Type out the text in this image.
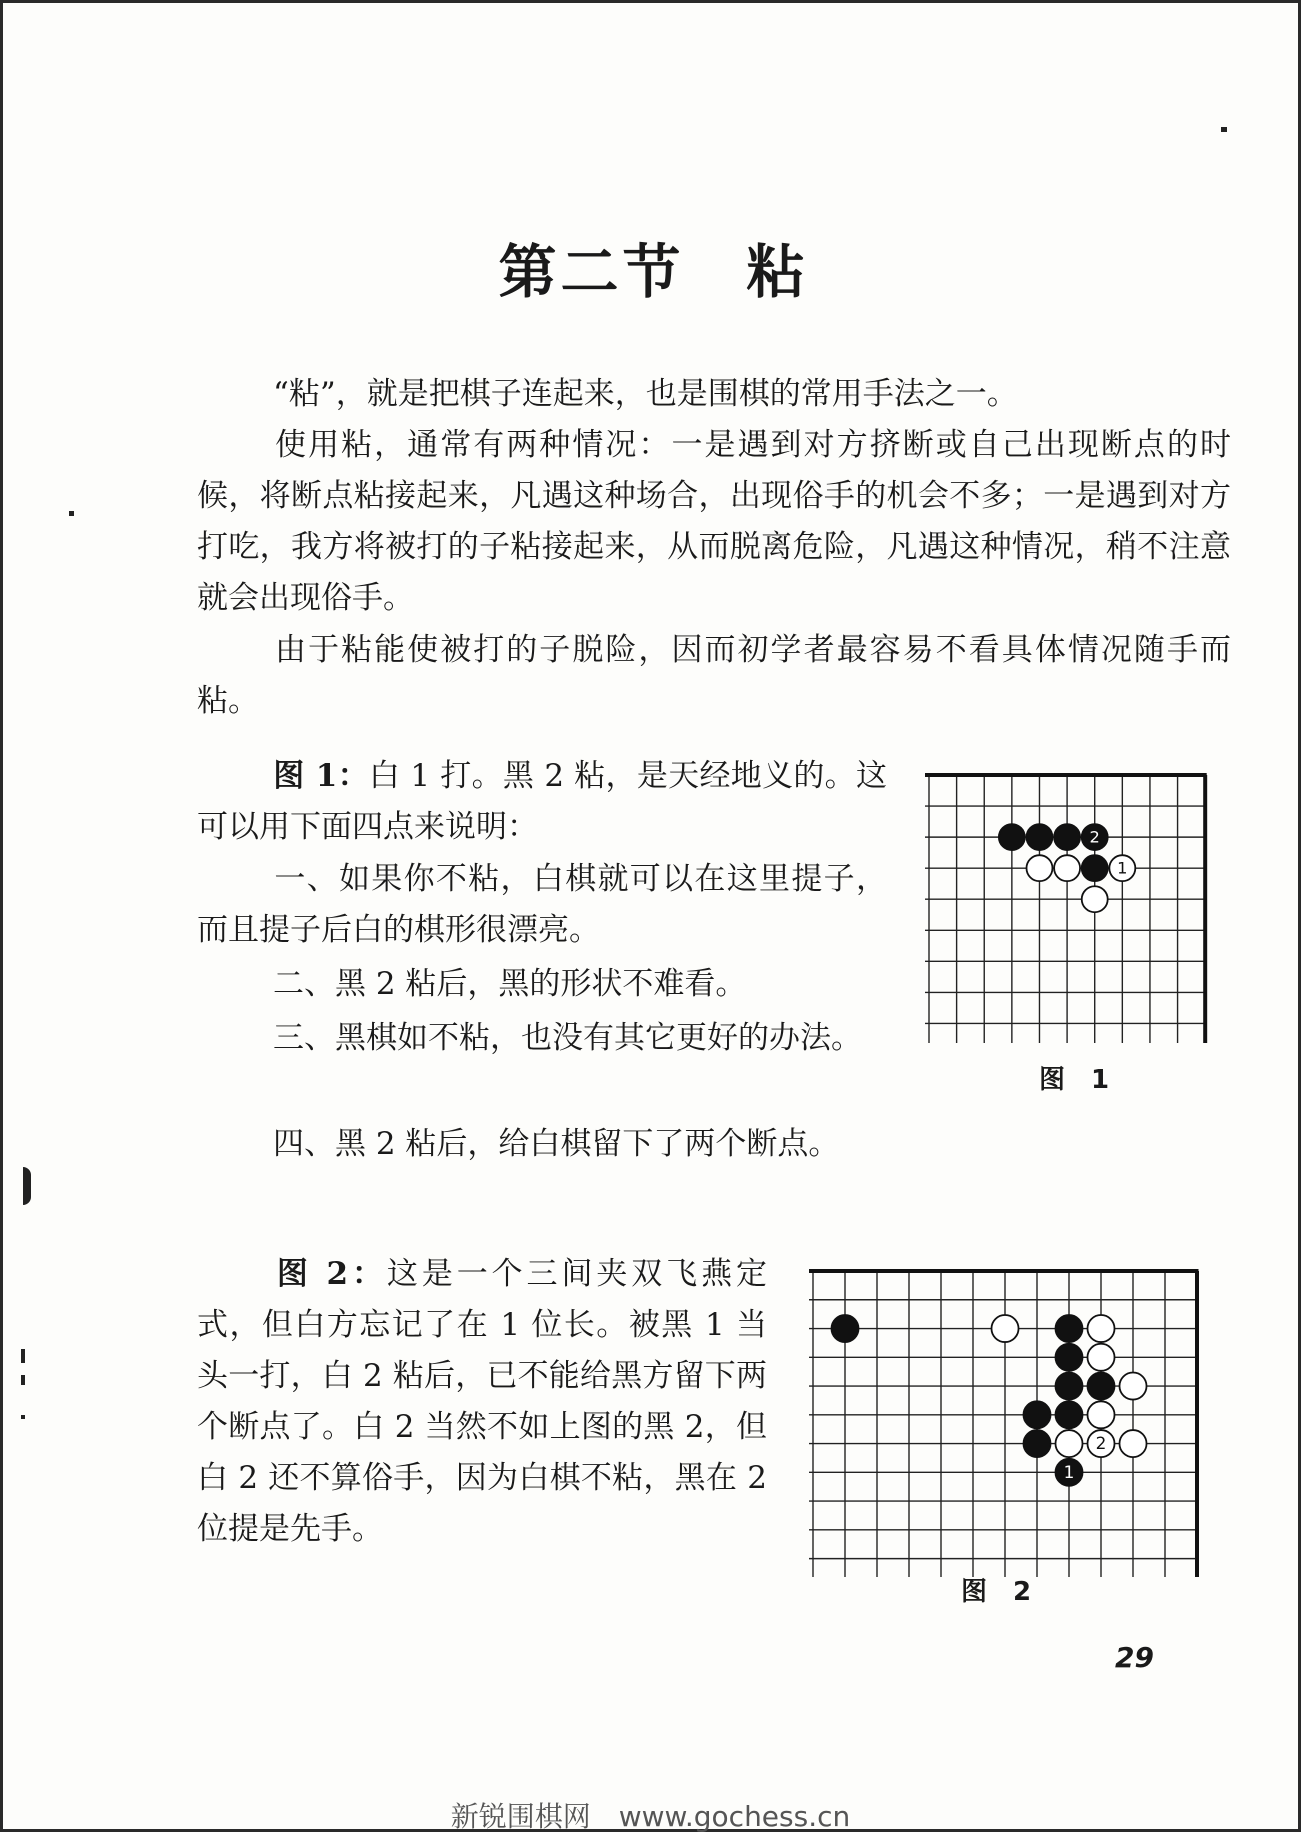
第二节　粘

“粘”，就是把棋子连起来，也是围棋的常用手法之一。

使用粘，通常有两种情况：一是遇到对方挤断或自己出现断点的时候，将断点粘接起来，凡遇这种场合，出现俗手的机会不多；一是遇到对方打吃，我方将被打的子粘接起来，从而脱离危险，凡遇这种情况，稍不注意就会出现俗手。

由于粘能使被打的子脱险，因而初学者最容易不看具体情况随手而粘。

图 1：白 1 打。黑 2 粘，是天经地义的。这可以用下面四点来说明：

一、如果你不粘，白棋就可以在这里提子，而且提子后白的棋形很漂亮。

二、黑 2 粘后，黑的形状不难看。

三、黑棋如不粘，也没有其它更好的办法。

四、黑 2 粘后，给白棋留下了两个断点。

2
1
图　1

图 2：这是一个三间夹双飞燕定式，但白方忘记了在 1 位长。被黑 1 当头一打，白 2 粘后，已不能给黑方留下两个断点了。白 2 当然不如上图的黑 2，但白 2 还不算俗手，因为白棋不粘，黑在 2 位提是先手。

2
1
图　2
29
新锐围棋网　www.gochess.cn
